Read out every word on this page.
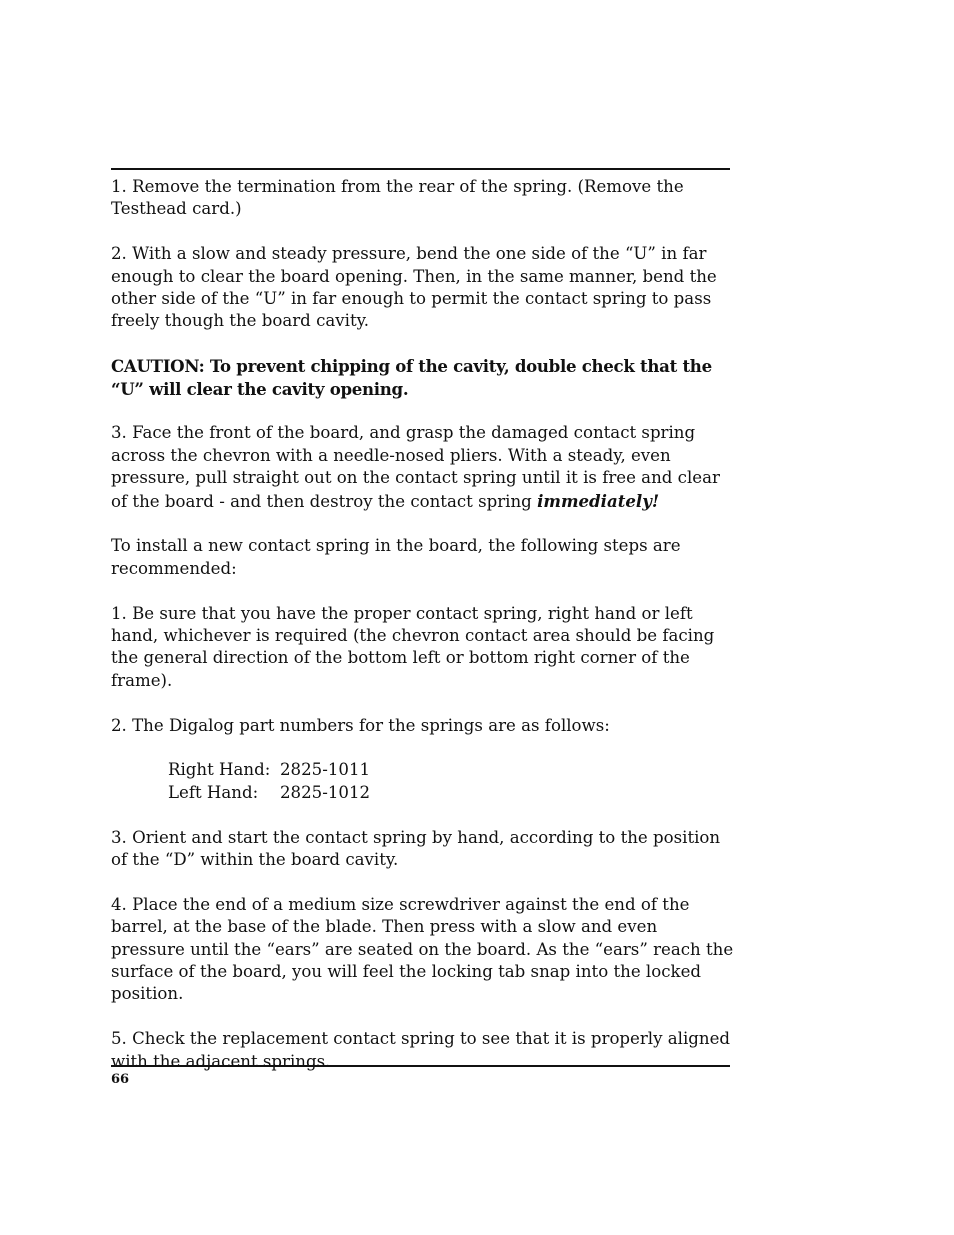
1. Remove the termination from the rear of the spring. (Remove the Testhead card.)

2. With a slow and steady pressure, bend the one side of the “U” in far enough to clear the board opening. Then, in the same manner, bend the other side of the “U” in far enough to permit the contact spring to pass freely though the board cavity.

CAUTION: To prevent chipping of the cavity, double check that the “U” will clear the cavity opening.

3. Face the front of the board, and grasp the damaged contact spring across the chevron with a needle-nosed pliers. With a steady, even pressure, pull straight out on the contact spring until it is free and clear of the board - and then destroy the contact spring immediately!

To install a new contact spring in the board, the following steps are recommended:

1. Be sure that you have the proper contact spring, right hand or left hand, whichever is required (the chevron contact area should be facing the general direction of the bottom left or bottom right corner of the frame).

2. The Digalog part numbers for the springs are as follows:

Right Hand: 2825-1011
Left Hand:	2825-1012

3. Orient and start the contact spring by hand, according to the position of the “D” within the board cavity.

4. Place the end of a medium size screwdriver against the end of the barrel, at the base of the blade. Then press with a slow and even pressure until the “ears” are seated on the board. As the “ears” reach the surface of the board, you will feel the locking tab snap into the locked position.

5. Check the replacement contact spring to see that it is properly aligned with the adjacent springs.

66
